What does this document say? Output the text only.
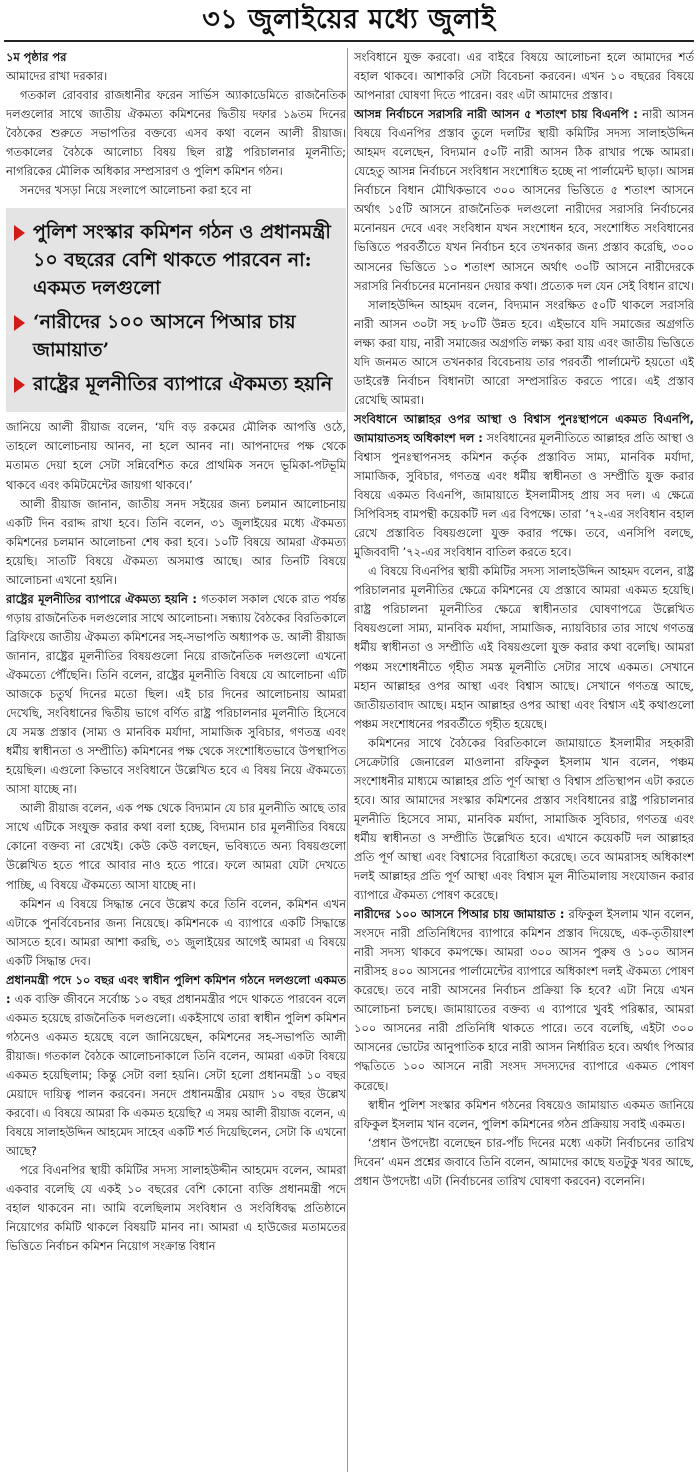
৩১ জুলাইয়ের মধ্যে জুলাই

১ম পৃষ্ঠার পর

আমাদের রাখা দরকার।

গতকাল রোববার রাজধানীর ফরেন সার্ভিস অ্যাকাডেমিতে রাজনৈতিক দলগুলোর সাথে জাতীয় ঐকমত্য কমিশনের দ্বিতীয় দফার ১৯তম দিনের বৈঠকের শুরুতে সভাপতির বক্তব্যে এসব কথা বলেন আলী রীয়াজ। গতকালের বৈঠকে আলোচ্য বিষয় ছিল রাষ্ট্র পরিচালনার মূলনীতি; নাগরিকের মৌলিক অধিকার সম্প্রসারণ ও পুলিশ কমিশন গঠন।

সনদের খসড়া নিয়ে সংলাপে আলোচনা করা হবে না

পুলিশ সংস্কার কমিশন গঠন ও প্রধানমন্ত্রী ১০ বছরের বেশি থাকতে পারবেন না: একমত দলগুলো
‘নারীদের ১০০ আসনে পিআর চায় জামায়াত’
রাষ্ট্রের মূলনীতির ব্যাপারে ঐকমত্য হয়নি

জানিয়ে আলী রীয়াজ বলেন, ‘যদি বড় রকমের মৌলিক আপত্তি ওঠে, তাহলে আলোচনায় আনব, না হলে আনব না। আপনাদের পক্ষ থেকে মতামত দেয়া হলে সেটা সন্নিবেশিত করে প্রাথমিক সনদে ভূমিকা-পটভূমি থাকবে এবং কমিটমেন্টের জায়গা থাকবে।’

আলী রীয়াজ জানান, জাতীয় সনদ সইয়ের জন্য চলমান আলোচনায় একটি দিন বরাদ্দ রাখা হবে। তিনি বলেন, ৩১ জুলাইয়ের মধ্যে ঐকমত্য কমিশনের চলমান আলোচনা শেষ করা হবে। ১০টি বিষয়ে আমরা ঐকমত্য হয়েছি। সাতটি বিষয়ে ঐকমত্য অসমাপ্ত আছে। আর তিনটি বিষয়ে আলোচনা এখনো হয়নি।

রাষ্ট্রের মূলনীতির ব্যাপারে ঐকমত্য হয়নি : গতকাল সকাল থেকে রাত পর্যন্ত গড়ায় রাজনৈতিক দলগুলোর সাথে আলোচনা। সন্ধ্যায় বৈঠকের বিরতিকালে ব্রিফিংয়ে জাতীয় ঐকমত্য কমিশনের সহ-সভাপতি অধ্যাপক ড. আলী রীয়াজ জানান, রাষ্ট্রের মূলনীতির বিষয়গুলো নিয়ে রাজনৈতিক দলগুলো এখনো ঐকমত্যে পৌঁছেনি। তিনি বলেন, রাষ্ট্রের মূলনীতি বিষয়ে যে আলোচনা এটি আজকে চতুর্থ দিনের মতো ছিল। এই চার দিনের আলোচনায় আমরা দেখেছি, সংবিধানের দ্বিতীয় ভাগে বর্ণিত রাষ্ট্র পরিচালনার মূলনীতি হিসেবে যে সমস্ত প্রস্তাব (সাম্য ও মানবিক মর্যাদা, সামাজিক সুবিচার, গণতন্ত্র এবং ধর্মীয় স্বাধীনতা ও সম্প্রীতি) কমিশনের পক্ষ থেকে সংশোধিতভাবে উপস্থাপিত হয়েছিল। এগুলো কিভাবে সংবিধানে উল্লেখিত হবে এ বিষয় নিয়ে ঐকমত্যে আসা যাচ্ছে না।

আলী রীয়াজ বলেন, এক পক্ষ থেকে বিদ্যমান যে চার মূলনীতি আছে তার সাথে এটিকে সংযুক্ত করার কথা বলা হচ্ছে, বিদ্যমান চার মূলনীতির বিষয়ে কোনো বক্তব্য না রেখেই। কেউ কেউ বলছেন, ভবিষ্যতে অন্য বিষয়গুলো উল্লেখিত হতে পারে আবার নাও হতে পারে। ফলে আমরা যেটা দেখতে পাচ্ছি, এ বিষয়ে ঐকমত্যে আসা যাচ্ছে না।

কমিশন এ বিষয়ে সিদ্ধান্ত নেবে উল্লেখ করে তিনি বলেন, কমিশন এখন এটাকে পুনর্বিবেচনার জন্য নিয়েছে। কমিশনকে এ ব্যাপারে একটি সিদ্ধান্তে আসতে হবে। আমরা আশা করছি, ৩১ জুলাইয়ের আগেই আমরা এ বিষয়ে একটি সিদ্ধান্ত দেব।

প্রধানমন্ত্রী পদে ১০ বছর এবং স্বাধীন পুলিশ কমিশন গঠনে দলগুলো একমত : এক ব্যক্তি জীবনে সর্বোচ্চ ১০ বছর প্রধানমন্ত্রীর পদে থাকতে পারবেন বলে একমত হয়েছে রাজনৈতিক দলগুলো। একইসাথে তারা স্বাধীন পুলিশ কমিশন গঠনেও একমত হয়েছে বলে জানিয়েছেন, কমিশনের সহ-সভাপতি আলী রীয়াজ। গতকাল বৈঠকে আলোচনাকালে তিনি বলেন, আমরা একটা বিষয়ে একমত হয়েছিলাম; কিন্তু সেটা বলা হয়নি। সেটা হলো প্রধানমন্ত্রী ১০ বছর মেয়াদে দায়িত্ব পালন করবেন। সনদে প্রধানমন্ত্রীর মেয়াদ ১০ বছর উল্লেখ করবো। এ বিষয়ে আমরা কি একমত হয়েছি? এ সময় আলী রীয়াজ বলেন, এ বিষয়ে সালাহউদ্দিন আহমেদ সাহেব একটি শর্ত দিয়েছিলেন, সেটা কি এখনো আছে?

পরে বিএনপির স্থায়ী কমিটির সদস্য সালাহউদ্দীন আহমেদ বলেন, আমরা একবার বলেছি যে একই ১০ বছরের বেশি কোনো ব্যক্তি প্রধানমন্ত্রী পদে বহাল থাকবেন না। আমি বলেছিলাম সংবিধান ও সংবিধিবদ্ধ প্রতিষ্ঠানে নিয়োগের কমিটি থাকলে বিষয়টি মানব না। আমরা এ হাউজের মতামতের ভিত্তিতে নির্বাচন কমিশন নিয়োগ সংক্রান্ত বিধান

সংবিধানে যুক্ত করবো। এর বাইরে বিষয়ে আলোচনা হলে আমাদের শর্ত বহাল থাকবে। আশাকরি সেটা বিবেচনা করবেন। এখন ১০ বছরের বিষয়ে আপনারা ঘোষণা দিতে পারেন। বরং এটা আমাদের প্রস্তাব।

আসন্ন নির্বাচনে সরাসরি নারী আসন ৫ শতাংশ চায় বিএনপি : নারী আসন বিষয়ে বিএনপির প্রস্তাব তুলে দলটির স্থায়ী কমিটির সদস্য সালাহউদ্দিন আহমদ বলেছেন, বিদ্যমান ৫০টি নারী আসন ঠিক রাখার পক্ষে আমরা। যেহেতু আসন্ন নির্বাচনে সংবিধান সংশোধিত হচ্ছে না পার্লামেন্ট ছাড়া। আসন্ন নির্বাচনে বিধান মৌখিকভাবে ৩০০ আসনের ভিত্তিতে ৫ শতাংশ আসনে অর্থাৎ ১৫টি আসনে রাজনৈতিক দলগুলো নারীদের সরাসরি নির্বাচনের মনোনয়ন দেবে এবং সংবিধান যখন সংশোধন হবে, সংশোধিত সংবিধানের ভিত্তিতে পরবর্তীতে যখন নির্বাচন হবে তখনকার জন্য প্রস্তাব করেছি, ৩০০ আসনের ভিত্তিতে ১০ শতাংশ আসনে অর্থাৎ ৩০টি আসনে নারীদেরকে সরাসরি নির্বাচনের মনোনয়ন দেয়ার কথা। প্রত্যেক দল যেন সেই বিধান রাখে।

সালাহউদ্দিন আহমদ বলেন, বিদ্যমান সংরক্ষিত ৫০টি থাকলে সরাসরি নারী আসন ৩০টা সহ ৮০টি উন্নত হবে। এইভাবে যদি সমাজের অগ্রগতি লক্ষ্য করা যায়, নারী সমাজের অগ্রগতি লক্ষ্য করা যায় এবং জাতীয় ভিত্তিতে যদি জনমত আসে তখনকার বিবেচনায় তার পরবর্তী পার্লামেন্ট হয়তো এই ডাইরেক্ট নির্বাচন বিধানটা আরো সম্প্রসারিত করতে পারে। এই প্রস্তাব রেখেছি আমরা।

সংবিধানে আল্লাহর ওপর আস্থা ও বিশ্বাস পুনঃস্থাপনে একমত বিএনপি, জামায়াতসহ অধিকাংশ দল : সংবিধানের মূলনীতিতে আল্লাহর প্রতি আস্থা ও বিশ্বাস পুনঃস্থাপনসহ কমিশন কর্তৃক প্রস্তাবিত সাম্য, মানবিক মর্যাদা, সামাজিক, সুবিচার, গণতন্ত্র এবং ধর্মীয় স্বাধীনতা ও সম্প্রীতি যুক্ত করার বিষয়ে একমত বিএনপি, জামায়াতে ইসলামীসহ প্রায় সব দল। এ ক্ষেত্রে সিপিবিসহ বামপন্থী কয়েকটি দল এর বিপক্ষে। তারা ’৭২-এর সংবিধান বহাল রেখে প্রস্তাবিত বিষয়গুলো যুক্ত করার পক্ষে। তবে, এনসিপি বলছে, মুজিববাদী ’৭২-এর সংবিধান বাতিল করতে হবে।

এ বিষয়ে বিএনপির স্থায়ী কমিটির সদস্য সালাহউদ্দিন আহমদ বলেন, রাষ্ট্র পরিচালনার মূলনীতির ক্ষেত্রে কমিশনের যে প্রস্তাবে আমরা একমত হয়েছি। রাষ্ট্র পরিচালনা মূলনীতির ক্ষেত্রে স্বাধীনতার ঘোষণাপত্রে উল্লেখিত বিষয়গুলো সাম্য, মানবিক মর্যাদা, সামাজিক, ন্যায়বিচার তার সাথে গণতন্ত্র ধর্মীয় স্বাধীনতা ও সম্প্রীতি এই বিষয়গুলো যুক্ত করার কথা বলেছি। আমরা পঞ্চম সংশোধনীতে গৃহীত সমস্ত মূলনীতি সেটার সাথে একমত। সেখানে মহান আল্লাহর ওপর আস্থা এবং বিশ্বাস আছে। সেখানে গণতন্ত্র আছে, জাতীয়তাবাদ আছে। মহান আল্লাহর ওপর আস্থা এবং বিশ্বাস এই কথাগুলো পঞ্চম সংশোধনের পরবর্তীতে গৃহীত হয়েছে।

কমিশনের সাথে বৈঠকের বিরতিকালে জামায়াতে ইসলামীর সহকারী সেক্রেটারি জেনারেল মাওলানা রফিকুল ইসলাম খান বলেন, পঞ্চম সংশোধনীর মাধ্যমে আল্লাহর প্রতি পূর্ণ আস্থা ও বিশ্বাস প্রতিস্থাপন এটা করতে হবে। আর আমাদের সংস্কার কমিশনের প্রস্তাব সংবিধানের রাষ্ট্র পরিচালনার মূলনীতি হিসেবে সাম্য, মানবিক মর্যাদা, সামাজিক সুবিচার, গণতন্ত্র এবং ধর্মীয় স্বাধীনতা ও সম্প্রীতি উল্লেখিত হবে। এখানে কয়েকটি দল আল্লাহর প্রতি পূর্ণ আস্থা এবং বিশ্বাসের বিরোধিতা করেছে। তবে আমরাসহ অধিকাংশ দলই আল্লাহর প্রতি পূর্ণ আস্থা এবং বিশ্বাস মূল নীতিমালায় সংযোজন করার ব্যাপারে ঐকমত্য পোষণ করেছে।

নারীদের ১০০ আসনে পিআর চায় জামায়াত : রফিকুল ইসলাম খান বলেন, সংসদে নারী প্রতিনিধিদের ব্যাপারে কমিশন প্রস্তাব দিয়েছে, এক-তৃতীয়াংশ নারী সদস্য থাকবে কমপক্ষে। আমরা ৩০০ আসন পুরুষ ও ১০০ আসন নারীসহ ৪০০ আসনের পার্লামেন্টের ব্যাপারে অধিকাংশ দলই ঐকমত্য পোষণ করেছে। তবে নারী আসনের নির্বাচন প্রক্রিয়া কি হবে? এটা নিয়ে এখন আলোচনা চলছে। জামায়াতের বক্তব্য এ ব্যাপারে খুবই পরিষ্কার, আমরা ১০০ আসনের নারী প্রতিনিধি থাকতে পারে। তবে বলেছি, এইটা ৩০০ আসনের ভোটের আনুপাতিক হারে নারী আসন নির্ধারিত হবে। অর্থাৎ পিআর পদ্ধতিতে ১০০ আসনে নারী সংসদ সদস্যদের ব্যাপারে একমত পোষণ করেছে।

স্বাধীন পুলিশ সংস্কার কমিশন গঠনের বিষয়েও জামায়াত একমত জানিয়ে রফিকুল ইসলাম খান বলেন, পুলিশ কমিশনের গঠন প্রক্রিয়ায় সবাই একমত।

‘প্রধান উপদেষ্টা বলেছেন চার-পাঁচ দিনের মধ্যে একটা নির্বাচনের তারিখ দিবেন’ এমন প্রশ্নের জবাবে তিনি বলেন, আমাদের কাছে যতটুকু খবর আছে, প্রধান উপদেষ্টা এটা (নির্বাচনের তারিখ ঘোষণা করবেন) বলেননি।
